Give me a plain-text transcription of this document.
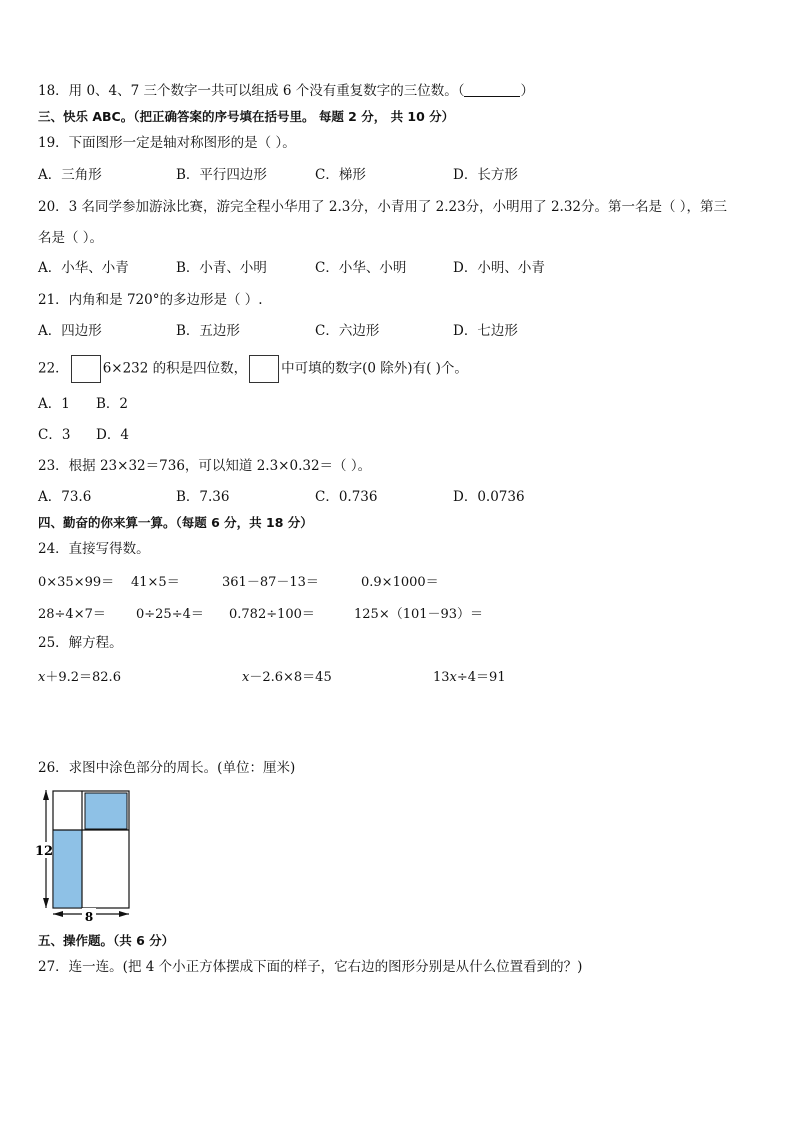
18．用 0、4、7 三个数字一共可以组成 6 个没有重复数字的三位数。（	）
三、快乐 ABC。（把正确答案的序号填在括号里。 每题 2 分， 共 10 分）
19．下面图形一定是轴对称图形的是（ ）。
A．三角形	B．平行四边形	C．梯形	D．长方形
20．3 名同学参加游泳比赛，游完全程小华用了 2.3分，小青用了 2.23分，小明用了 2.32分。第一名是（ ），第三
名是（ ）。
A．小华、小青	B．小青、小明	C．小华、小明	D．小明、小青
21．内角和是 720°的多边形是（ ）.
A．四边形	B．五边形	C．六边形	D．七边形
22．	6×232 的积是四位数，	中可填的数字(0 除外)有( )个。
A．1 B．2
C．3 D．4
23．根据 23×32＝736，可以知道 2.3×0.32＝（ ）。
A．73.6	B．7.36	C．0.736	D．0.0736
四、勤奋的你来算一算。（每题 6 分，共 18 分）
24．直接写得数。
0×35×99＝ 41×5＝	361－87－13＝	0.9×1000＝
28÷4×7＝ 0÷25÷4＝ 0.782÷100＝	125×（101－93）＝
25．解方程。
x＋9.2＝82.6	x－2.6×8＝45	13x÷4＝91
26．求图中涂色部分的周长。(单位：厘米)
12
8
五、操作题。（共 6 分）
27．连一连。(把 4 个小正方体摆成下面的样子，它右边的图形分别是从什么位置看到的？)
